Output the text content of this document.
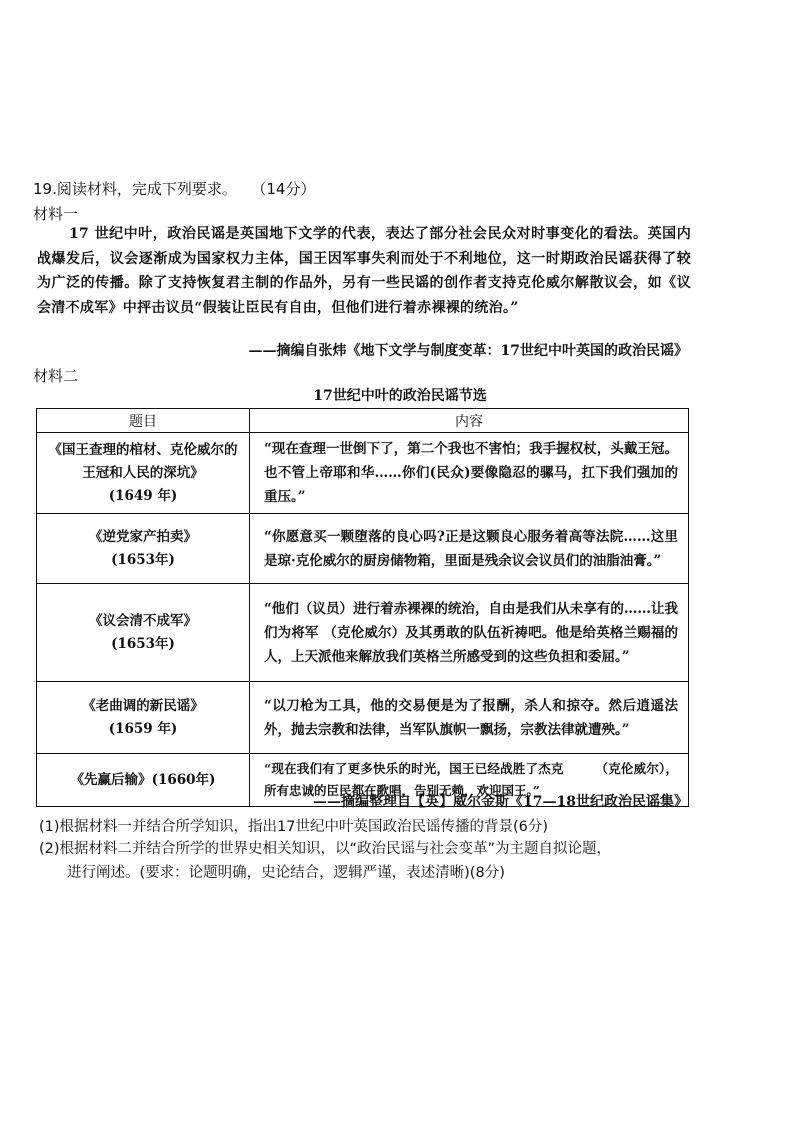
19.阅读材料，完成下列要求。 （14分）
材料一
17 世纪中叶，政治民谣是英国地下文学的代表，表达了部分社会民众对时事变化的看法。英国内战爆发后，议会逐渐成为国家权力主体，国王因军事失利而处于不利地位，这一时期政治民谣获得了较为广泛的传播。除了支持恢复君主制的作品外，另有一些民谣的创作者支持克伦威尔解散议会，如《议会清不成军》中抨击议员“假装让臣民有自由，但他们进行着赤裸裸的统治。”
——摘编自张炜《地下文学与制度变革：17世纪中叶英国的政治民谣》
材料二
17世纪中叶的政治民谣节选
题目	内容
《国王查理的棺材、克伦威尔的王冠和人民的深坑》
(1649 年)	“现在查理一世倒下了，第二个我也不害怕；我手握权杖，头戴王冠。也不管上帝耶和华……你们(民众)要像隐忍的骡马，扛下我们强加的重压。”
《逆党家产拍卖》
(1653年)	“你愿意买一颗堕落的良心吗?正是这颗良心服务着高等法院……这里是琼·克伦威尔的厨房储物箱，里面是残余议会议员们的油脂油膏。”
《议会清不成军》
(1653年)	“他们（议员）进行着赤裸裸的统治，自由是我们从未享有的……让我们为将军 （克伦威尔）及其勇敢的队伍祈祷吧。他是给英格兰赐福的人，上天派他来解放我们英格兰所感受到的这些负担和委屈。”
《老曲调的新民谣》
(1659 年)	“以刀枪为工具，他的交易便是为了报酬，杀人和掠夺。然后逍遥法外，抛去宗教和法律，当军队旗帜一飘扬，宗教法律就遭殃。”
《先赢后输》(1660年)	“现在我们有了更多快乐的时光，国王已经战胜了杰克　　　（克伦威尔），所有忠诚的臣民都在歌唱，告别无赖，欢迎国王。”
——摘编整理自【英】威尔金斯《17—18世纪政治民谣集》
(1)根据材料一并结合所学知识，指出17世纪中叶英国政治民谣传播的背景(6分)
(2)根据材料二并结合所学的世界史相关知识，以“政治民谣与社会变革”为主题自拟论题，
进行阐述。(要求：论题明确，史论结合，逻辑严谨，表述清晰)(8分)
